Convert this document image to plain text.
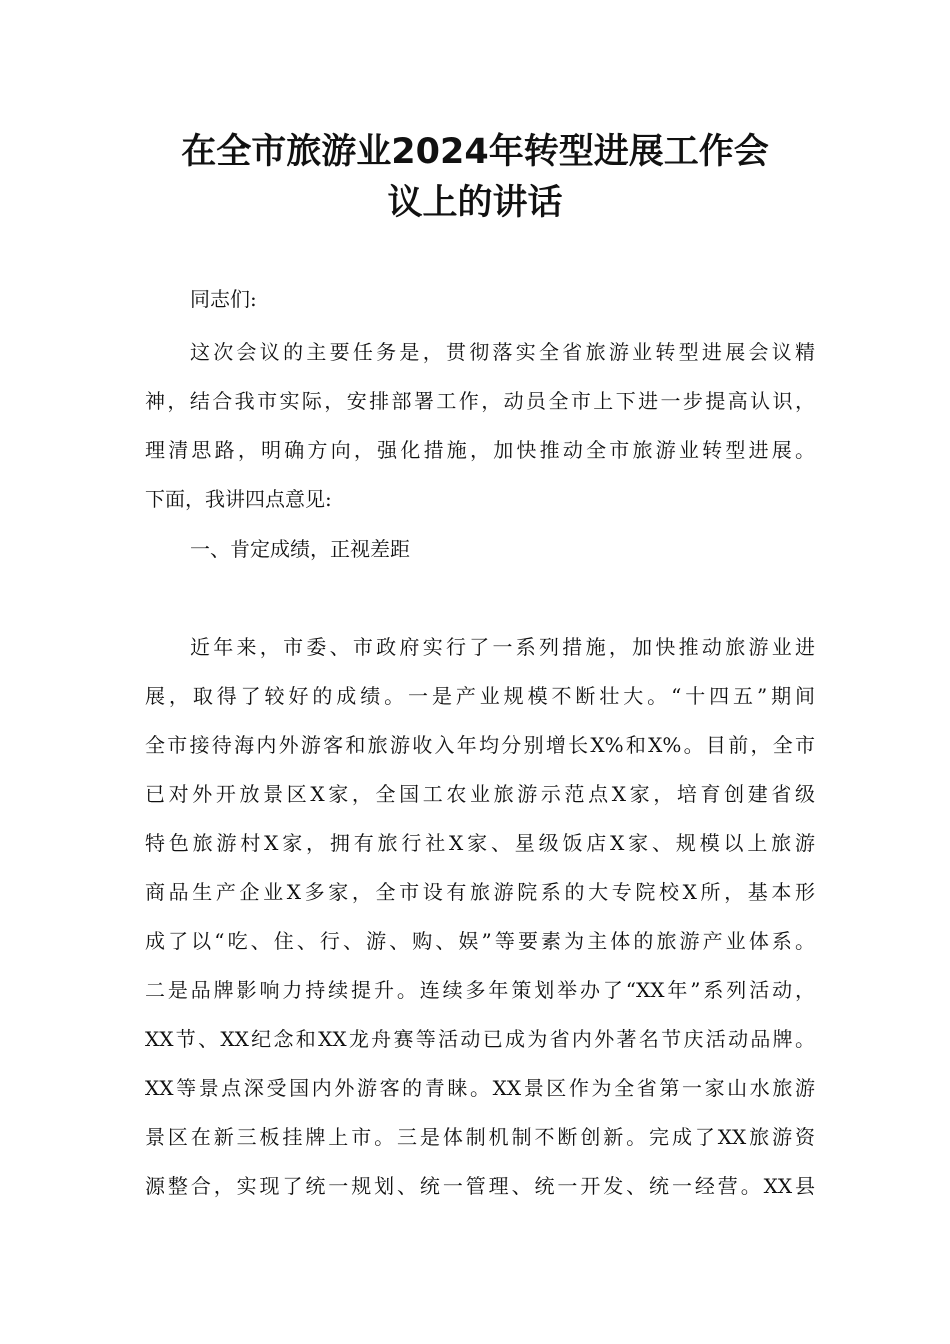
在全市旅游业2024年转型进展工作会
议上的讲话
同志们:
这次会议的主要任务是，贯彻落实全省旅游业转型进展会议精
神，结合我市实际，安排部署工作，动员全市上下进一步提高认识，
理清思路，明确方向，强化措施，加快推动全市旅游业转型进展。
下面，我讲四点意见:
一、肯定成绩，正视差距
近年来，市委、市政府实行了一系列措施，加快推动旅游业进
展，取得了较好的成绩。一是产业规模不断壮大。“十四五”期间
全市接待海内外游客和旅游收入年均分别增长X%和X%。目前，全市
已对外开放景区X家，全国工农业旅游示范点X家，培育创建省级
特色旅游村X家，拥有旅行社X家、星级饭店X家、规模以上旅游
商品生产企业X多家，全市设有旅游院系的大专院校X所，基本形
成了以“吃、住、行、游、购、娱”等要素为主体的旅游产业体系。
二是品牌影响力持续提升。连续多年策划举办了“XX年”系列活动，
XX节、XX纪念和XX龙舟赛等活动已成为省内外著名节庆活动品牌。
XX等景点深受国内外游客的青睐。XX景区作为全省第一家山水旅游
景区在新三板挂牌上市。三是体制机制不断创新。完成了XX旅游资
源整合，实现了统一规划、统一管理、统一开发、统一经营。XX县
